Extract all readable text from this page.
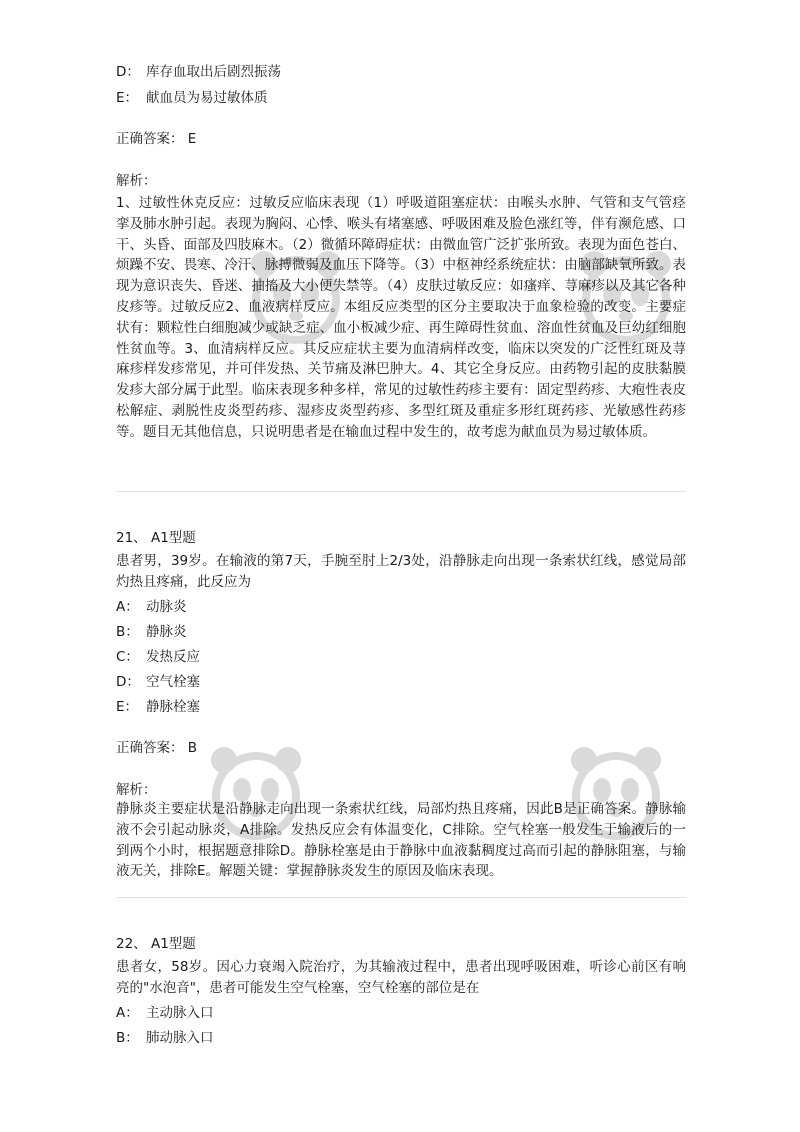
D： 库存血取出后剧烈振荡
E： 献血员为易过敏体质
正确答案： E
解析：
1、过敏性休克反应：过敏反应临床表现（1）呼吸道阻塞症状：由喉头水肿、气管和支气管痉挛及肺水肿引起。表现为胸闷、心悸、喉头有堵塞感、呼吸困难及脸色涨红等，伴有濒危感、口干、头昏、面部及四肢麻木。（2）微循环障碍症状：由微血管广泛扩张所致。表现为面色苍白、烦躁不安、畏寒、冷汗、脉搏微弱及血压下降等。（3）中枢神经系统症状：由脑部缺氧所致。表现为意识丧失、昏迷、抽搐及大小便失禁等。（4）皮肤过敏反应：如瘙痒、荨麻疹以及其它各种皮疹等。过敏反应2、血液病样反应。本组反应类型的区分主要取决于血象检验的改变。主要症状有：颗粒性白细胞减少或缺乏症、血小板减少症、再生障碍性贫血、溶血性贫血及巨幼红细胞性贫血等。3、血清病样反应。其反应症状主要为血清病样改变，临床以突发的广泛性红斑及荨麻疹样发疹常见，并可伴发热、关节痛及淋巴肿大。4、其它全身反应。由药物引起的皮肤黏膜发疹大部分属于此型。临床表现多种多样，常见的过敏性药疹主要有：固定型药疹、大疱性表皮松解症、剥脱性皮炎型药疹、湿疹皮炎型药疹、多型红斑及重症多形红斑药疹、光敏感性药疹等。题目无其他信息，只说明患者是在输血过程中发生的，故考虑为献血员为易过敏体质。
21、 A1型题
患者男，39岁。在输液的第7天，手腕至肘上2/3处，沿静脉走向出现一条索状红线，感觉局部灼热且疼痛，此反应为
A： 动脉炎
B： 静脉炎
C： 发热反应
D： 空气栓塞
E： 静脉栓塞
正确答案： B
解析：
静脉炎主要症状是沿静脉走向出现一条索状红线，局部灼热且疼痛，因此B是正确答案。静脉输液不会引起动脉炎，A排除。发热反应会有体温变化，C排除。空气栓塞一般发生于输液后的一到两个小时，根据题意排除D。静脉栓塞是由于静脉中血液黏稠度过高而引起的静脉阻塞，与输液无关，排除E。解题关键：掌握静脉炎发生的原因及临床表现。
22、 A1型题
患者女，58岁。因心力衰竭入院治疗，为其输液过程中，患者出现呼吸困难，听诊心前区有响亮的"水泡音"，患者可能发生空气栓塞，空气栓塞的部位是在
A： 主动脉入口
B： 肺动脉入口
